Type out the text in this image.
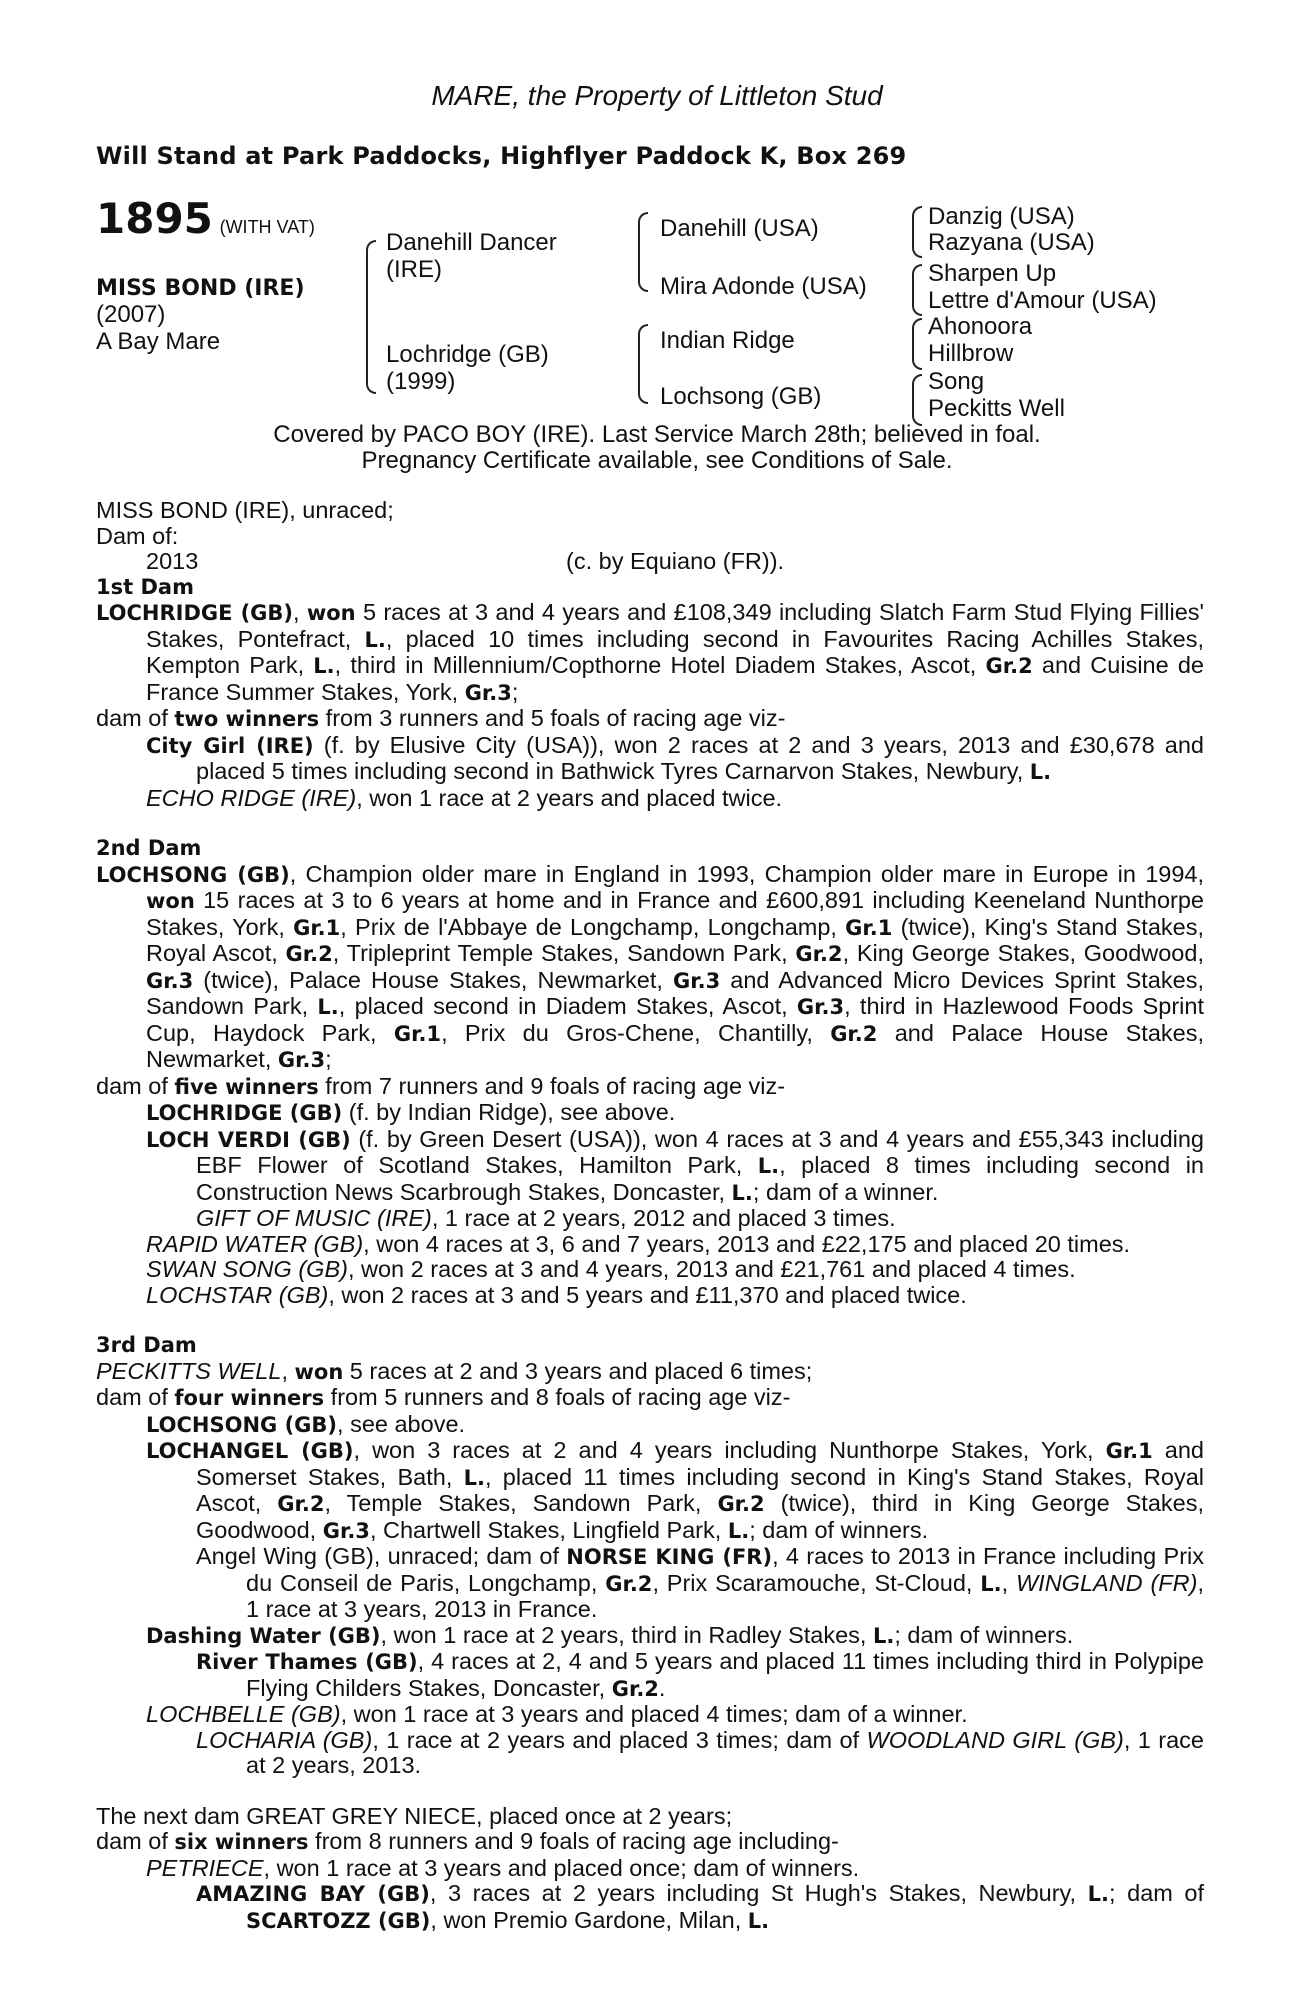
MARE, the Property of Littleton Stud
Will Stand at Park Paddocks, Highflyer Paddock K, Box 269
1895 (WITH VAT)
MISS BOND (IRE)
(2007)
A Bay Mare
Danehill Dancer
(IRE)
Lochridge (GB)
(1999)
Danehill (USA)
Mira Adonde (USA)
Indian Ridge
Lochsong (GB)
Danzig (USA)
Razyana (USA)
Sharpen Up
Lettre d'Amour (USA)
Ahonoora
Hillbrow
Song
Peckitts Well
Covered by PACO BOY (IRE). Last Service March 28th; believed in foal.
Pregnancy Certificate available, see Conditions of Sale.

MISS BOND (IRE), unraced;

Dam of:

2013	(c. by Equiano (FR)).

1st Dam

LOCHRIDGE (GB), won 5 races at 3 and 4 years and £108,349 including Slatch Farm Stud Flying Fillies' Stakes, Pontefract, L., placed 10 times including second in Favourites Racing Achilles Stakes, Kempton Park, L., third in Millennium/Copthorne Hotel Diadem Stakes, Ascot, Gr.2 and Cuisine de France Summer Stakes, York, Gr.3;

dam of two winners from 3 runners and 5 foals of racing age viz-

City Girl (IRE) (f. by Elusive City (USA)), won 2 races at 2 and 3 years, 2013 and £30,678 and placed 5 times including second in Bathwick Tyres Carnarvon Stakes, Newbury, L.

ECHO RIDGE (IRE), won 1 race at 2 years and placed twice.

2nd Dam

LOCHSONG (GB), Champion older mare in England in 1993, Champion older mare in Europe in 1994, won 15 races at 3 to 6 years at home and in France and £600,891 including Keeneland Nunthorpe Stakes, York, Gr.1, Prix de l'Abbaye de Longchamp, Longchamp, Gr.1 (twice), King's Stand Stakes, Royal Ascot, Gr.2, Tripleprint Temple Stakes, Sandown Park, Gr.2, King George Stakes, Goodwood, Gr.3 (twice), Palace House Stakes, Newmarket, Gr.3 and Advanced Micro Devices Sprint Stakes, Sandown Park, L., placed second in Diadem Stakes, Ascot, Gr.3, third in Hazlewood Foods Sprint Cup, Haydock Park, Gr.1, Prix du Gros-Chene, Chantilly, Gr.2 and Palace House Stakes, Newmarket, Gr.3;

dam of five winners from 7 runners and 9 foals of racing age viz-

LOCHRIDGE (GB) (f. by Indian Ridge), see above.

LOCH VERDI (GB) (f. by Green Desert (USA)), won 4 races at 3 and 4 years and £55,343 including EBF Flower of Scotland Stakes, Hamilton Park, L., placed 8 times including second in Construction News Scarbrough Stakes, Doncaster, L.; dam of a winner.

GIFT OF MUSIC (IRE), 1 race at 2 years, 2012 and placed 3 times.

RAPID WATER (GB), won 4 races at 3, 6 and 7 years, 2013 and £22,175 and placed 20 times.

SWAN SONG (GB), won 2 races at 3 and 4 years, 2013 and £21,761 and placed 4 times.

LOCHSTAR (GB), won 2 races at 3 and 5 years and £11,370 and placed twice.

3rd Dam

PECKITTS WELL, won 5 races at 2 and 3 years and placed 6 times;

dam of four winners from 5 runners and 8 foals of racing age viz-

LOCHSONG (GB), see above.

LOCHANGEL (GB), won 3 races at 2 and 4 years including Nunthorpe Stakes, York, Gr.1 and Somerset Stakes, Bath, L., placed 11 times including second in King's Stand Stakes, Royal Ascot, Gr.2, Temple Stakes, Sandown Park, Gr.2 (twice), third in King George Stakes, Goodwood, Gr.3, Chartwell Stakes, Lingfield Park, L.; dam of winners.

Angel Wing (GB), unraced; dam of NORSE KING (FR), 4 races to 2013 in France including Prix du Conseil de Paris, Longchamp, Gr.2, Prix Scaramouche, St-Cloud, L., WINGLAND (FR), 1 race at 3 years, 2013 in France.

Dashing Water (GB), won 1 race at 2 years, third in Radley Stakes, L.; dam of winners.

River Thames (GB), 4 races at 2, 4 and 5 years and placed 11 times including third in Polypipe Flying Childers Stakes, Doncaster, Gr.2.

LOCHBELLE (GB), won 1 race at 3 years and placed 4 times; dam of a winner.

LOCHARIA (GB), 1 race at 2 years and placed 3 times; dam of WOODLAND GIRL (GB), 1 race at 2 years, 2013.

The next dam GREAT GREY NIECE, placed once at 2 years;

dam of six winners from 8 runners and 9 foals of racing age including-

PETRIECE, won 1 race at 3 years and placed once; dam of winners.

AMAZING BAY (GB), 3 races at 2 years including St Hugh's Stakes, Newbury, L.; dam of SCARTOZZ (GB), won Premio Gardone, Milan, L.
